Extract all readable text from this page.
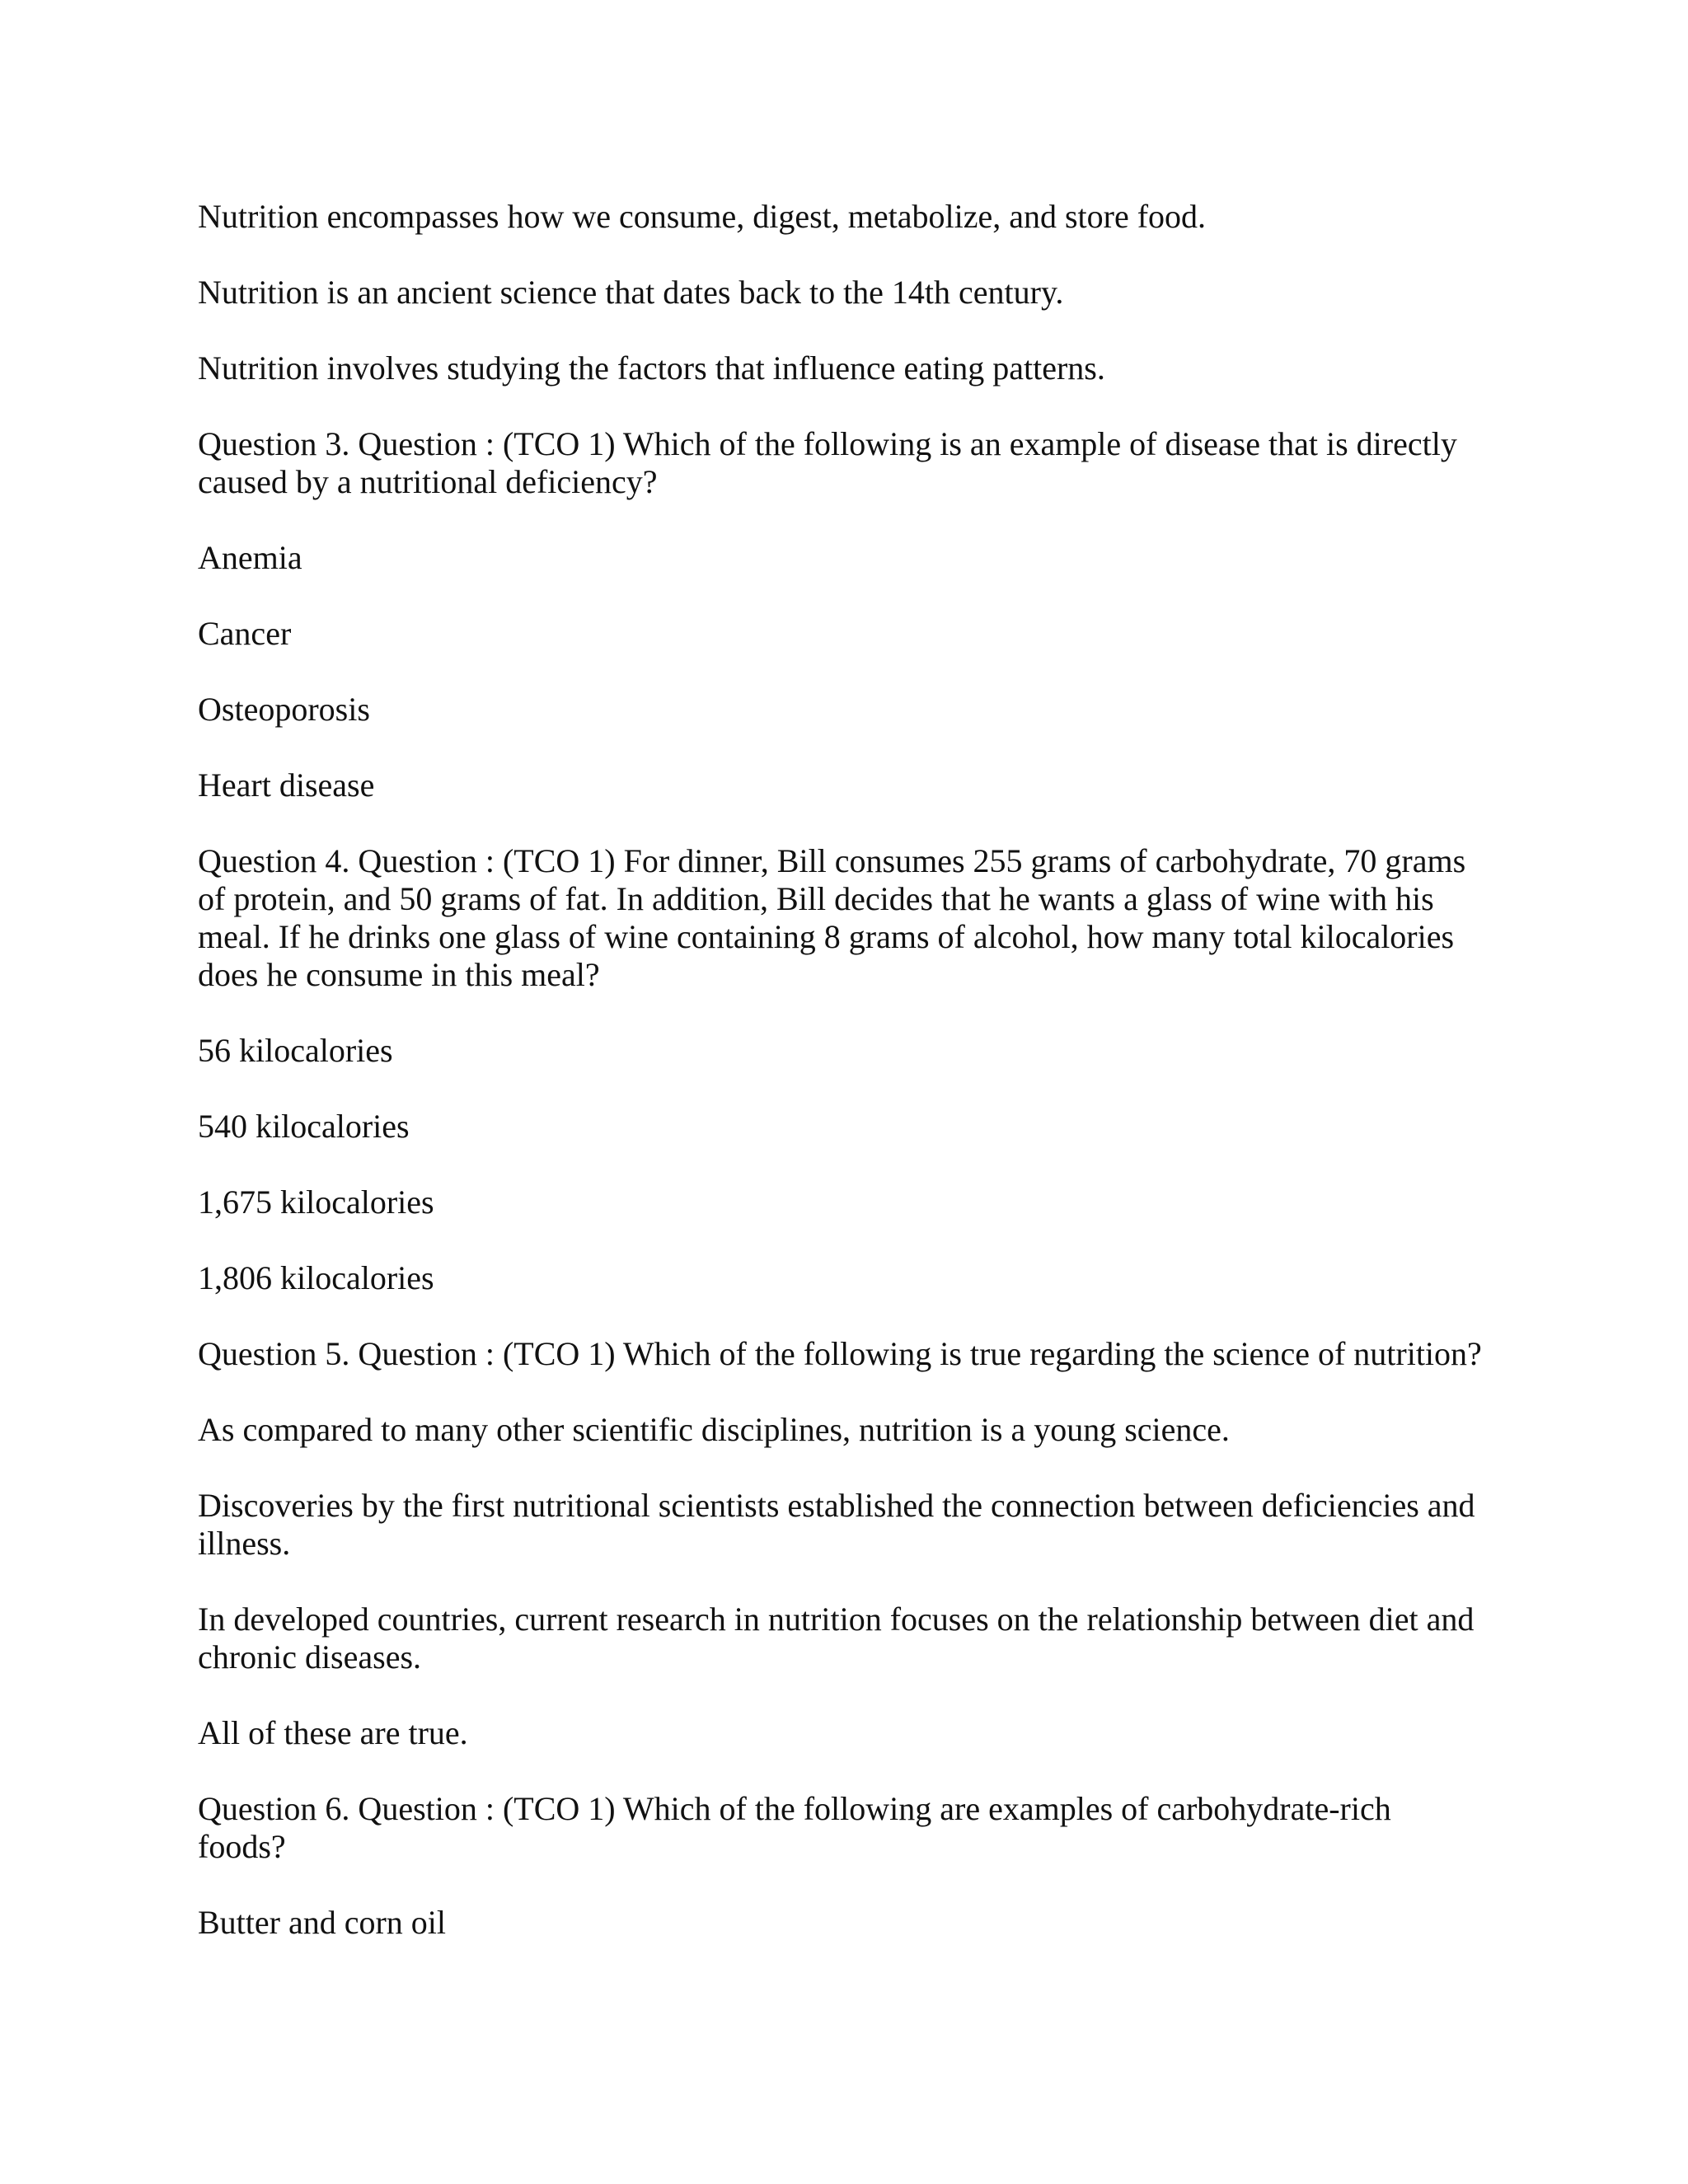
Nutrition encompasses how we consume, digest, metabolize, and store food.

Nutrition is an ancient science that dates back to the 14th century.

Nutrition involves studying the factors that influence eating patterns.

Question 3. Question : (TCO 1) Which of the following is an example of disease that is directly caused by a nutritional deficiency?

Anemia

Cancer

Osteoporosis

Heart disease

Question 4. Question : (TCO 1) For dinner, Bill consumes 255 grams of carbohydrate, 70 grams of protein, and 50 grams of fat. In addition, Bill decides that he wants a glass of wine with his meal. If he drinks one glass of wine containing 8 grams of alcohol, how many total kilocalories does he consume in this meal?

56 kilocalories

540 kilocalories

1,675 kilocalories

1,806 kilocalories

Question 5. Question : (TCO 1) Which of the following is true regarding the science of nutrition?

As compared to many other scientific disciplines, nutrition is a young science.

Discoveries by the first nutritional scientists established the connection between deficiencies and illness.

In developed countries, current research in nutrition focuses on the relationship between diet and chronic diseases.

All of these are true.

Question 6. Question : (TCO 1) Which of the following are examples of carbohydrate-rich foods?

Butter and corn oil
